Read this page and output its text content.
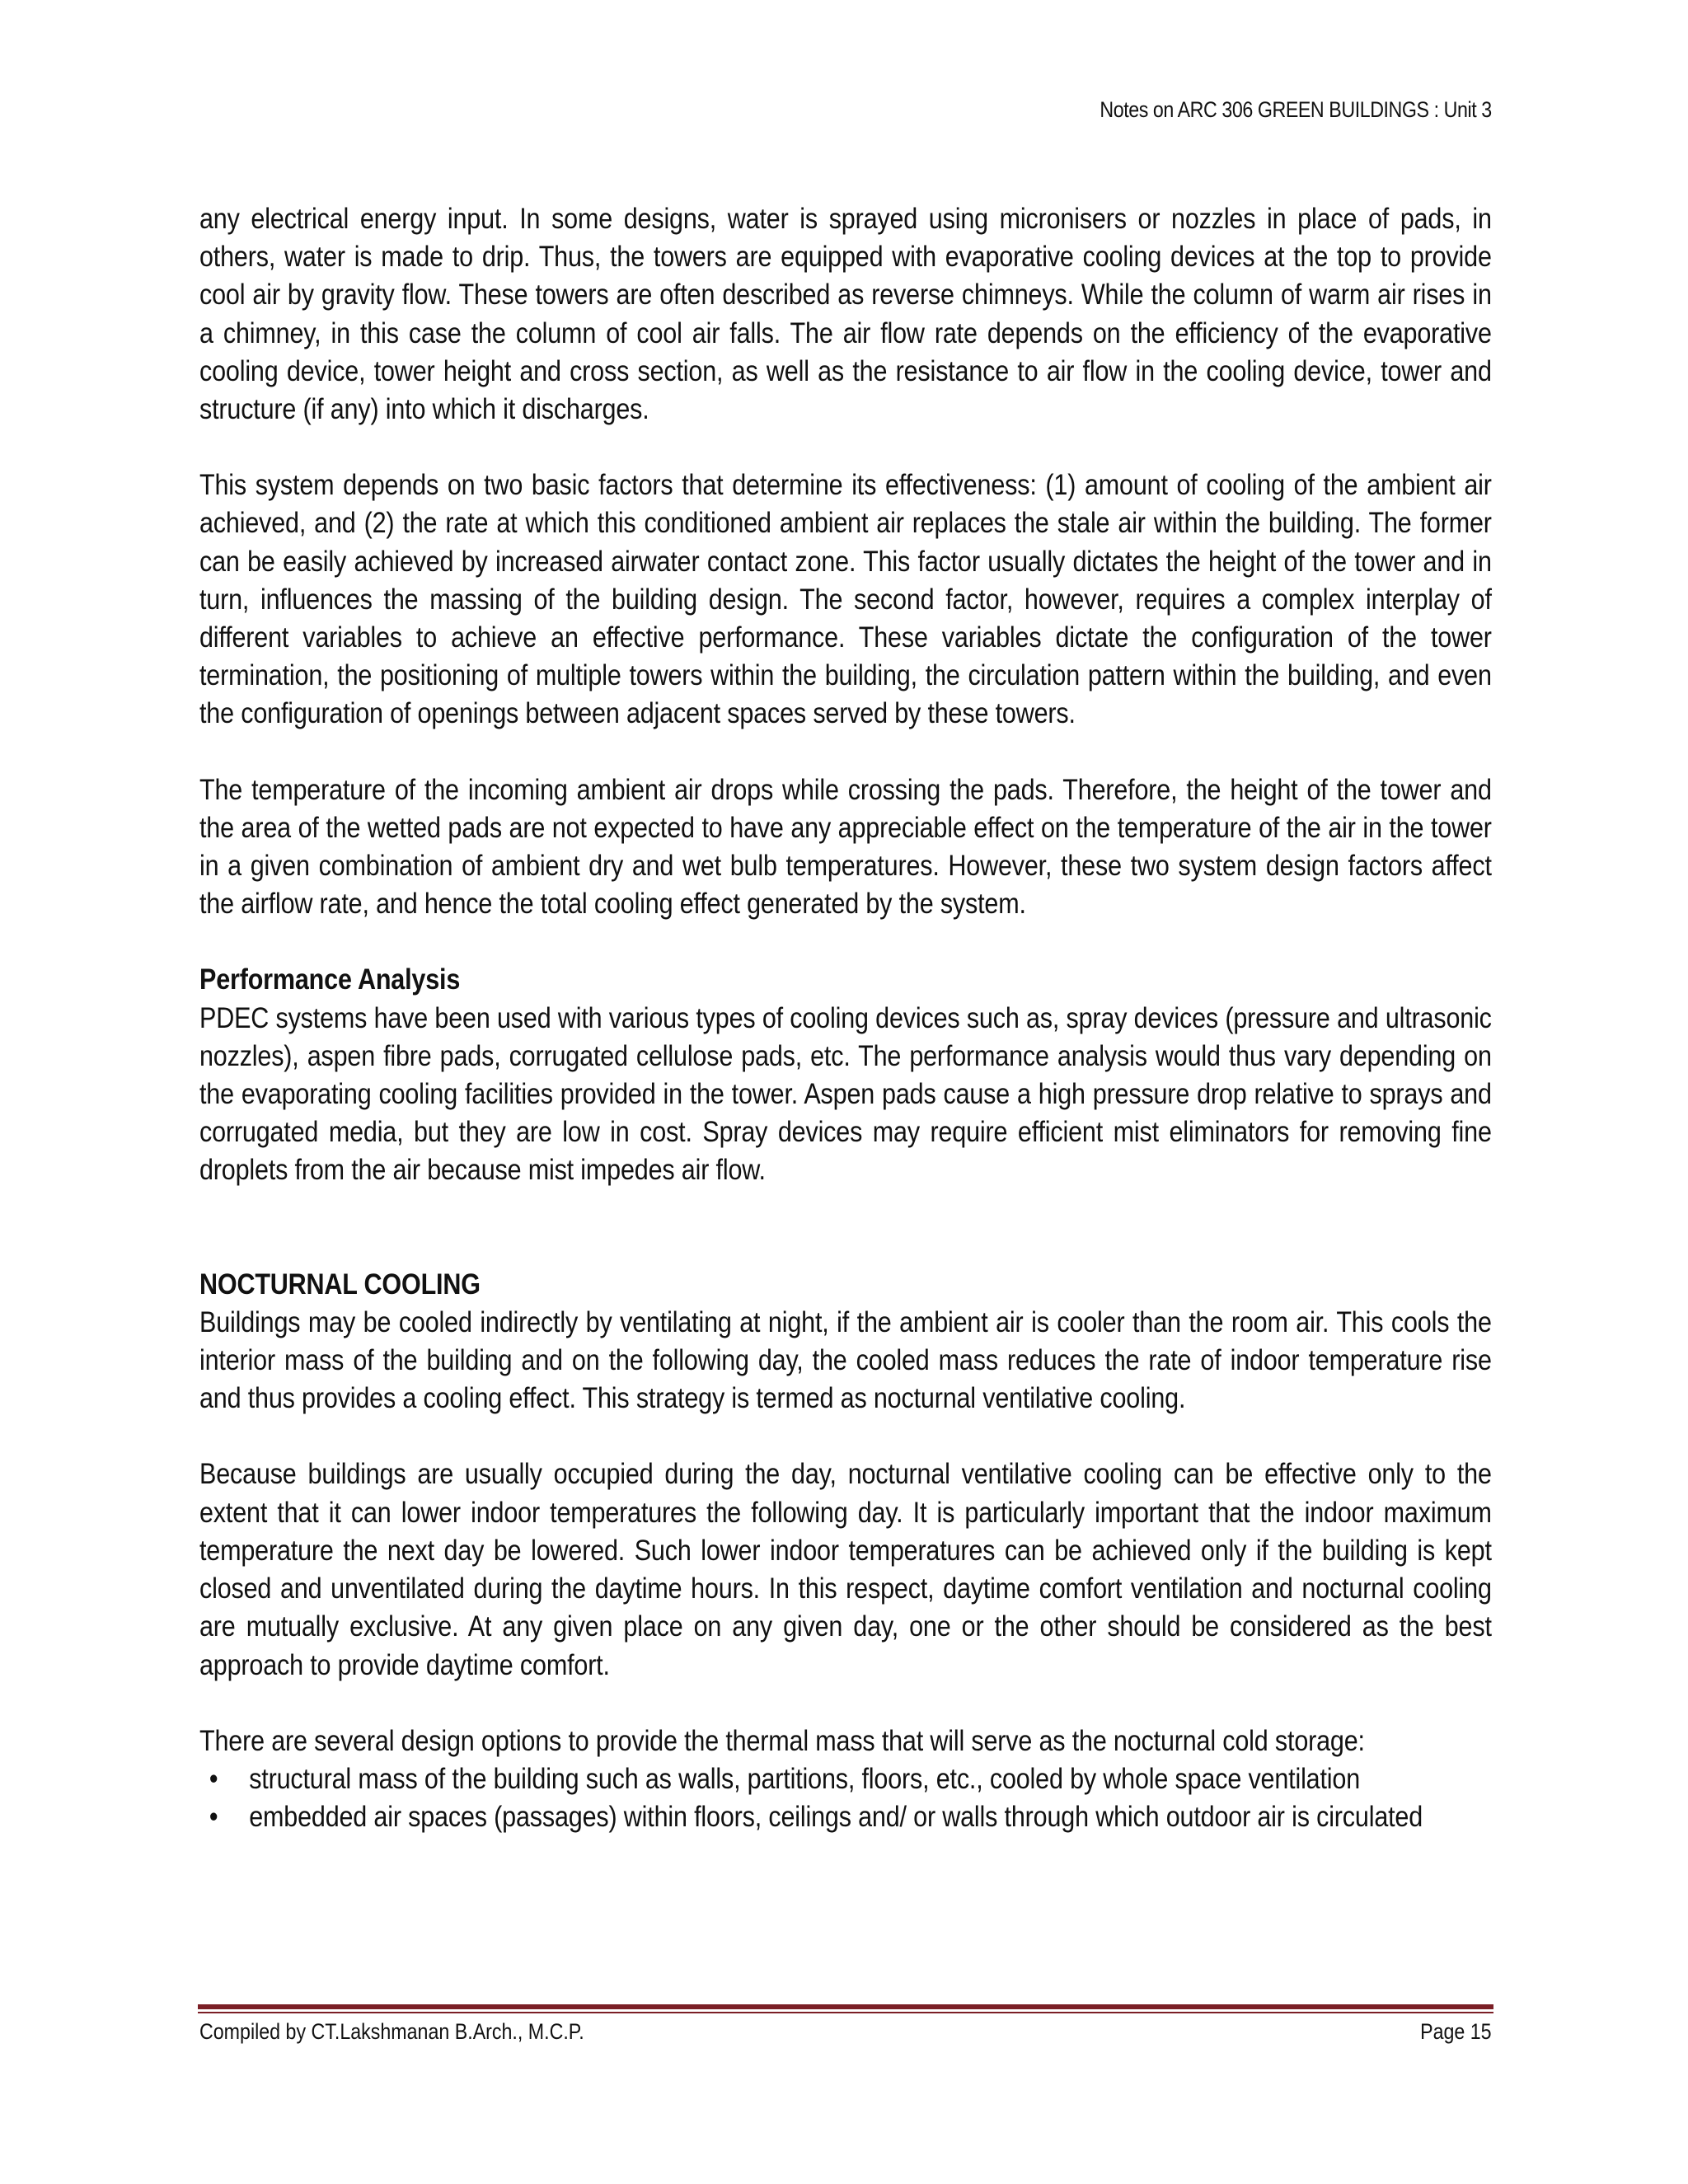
Notes on ARC 306 GREEN BUILDINGS : Unit 3

any electrical energy input. In some designs, water is sprayed using micronisers or nozzles in place of pads, in others, water is made to drip. Thus, the towers are equipped with evaporative cooling devices at the top to provide cool air by gravity flow. These towers are often described as reverse chimneys. While the column of warm air rises in a chimney, in this case the column of cool air falls. The air flow rate depends on the efficiency of the evaporative cooling device, tower height and cross section, as well as the resistance to air flow in the cooling device, tower and structure (if any) into which it discharges.

This system depends on two basic factors that determine its effectiveness: (1) amount of cooling of the ambient air achieved, and (2) the rate at which this conditioned ambient air replaces the stale air within the building. The former can be easily achieved by increased airwater contact zone. This factor usually dictates the height of the tower and in turn, influences the massing of the building design. The second factor, however, requires a complex interplay of different variables to achieve an effective performance. These variables dictate the configuration of the tower termination, the positioning of multiple towers within the building, the circulation pattern within the building, and even the configuration of openings between adjacent spaces served by these towers.

The temperature of the incoming ambient air drops while crossing the pads. Therefore, the height of the tower and the area of the wetted pads are not expected to have any appreciable effect on the temperature of the air in the tower in a given combination of ambient dry and wet bulb temperatures. However, these two system design factors affect the airflow rate, and hence the total cooling effect generated by the system.

Performance Analysis

PDEC systems have been used with various types of cooling devices such as, spray devices (pressure and ultrasonic nozzles), aspen fibre pads, corrugated cellulose pads, etc. The performance analysis would thus vary depending on the evaporating cooling facilities provided in the tower. Aspen pads cause a high pressure drop relative to sprays and corrugated media, but they are low in cost. Spray devices may require efficient mist eliminators for removing fine droplets from the air because mist impedes air flow.

NOCTURNAL COOLING

Buildings may be cooled indirectly by ventilating at night, if the ambient air is cooler than the room air. This cools the interior mass of the building and on the following day, the cooled mass reduces the rate of indoor temperature rise and thus provides a cooling effect. This strategy is termed as nocturnal ventilative cooling.

Because buildings are usually occupied during the day, nocturnal ventilative cooling can be effective only to the extent that it can lower indoor temperatures the following day. It is particularly important that the indoor maximum temperature the next day be lowered. Such lower indoor temperatures can be achieved only if the building is kept closed and unventilated during the daytime hours. In this respect, daytime comfort ventilation and nocturnal cooling are mutually exclusive. At any given place on any given day, one or the other should be considered as the best approach to provide daytime comfort.

There are several design options to provide the thermal mass that will serve as the nocturnal cold storage:

•	structural mass of the building such as walls, partitions, floors, etc., cooled by whole space ventilation
•	embedded air spaces (passages) within floors, ceilings and/ or walls through which outdoor air is circulated
Compiled by CT.Lakshmanan B.Arch., M.C.P.	Page 15
